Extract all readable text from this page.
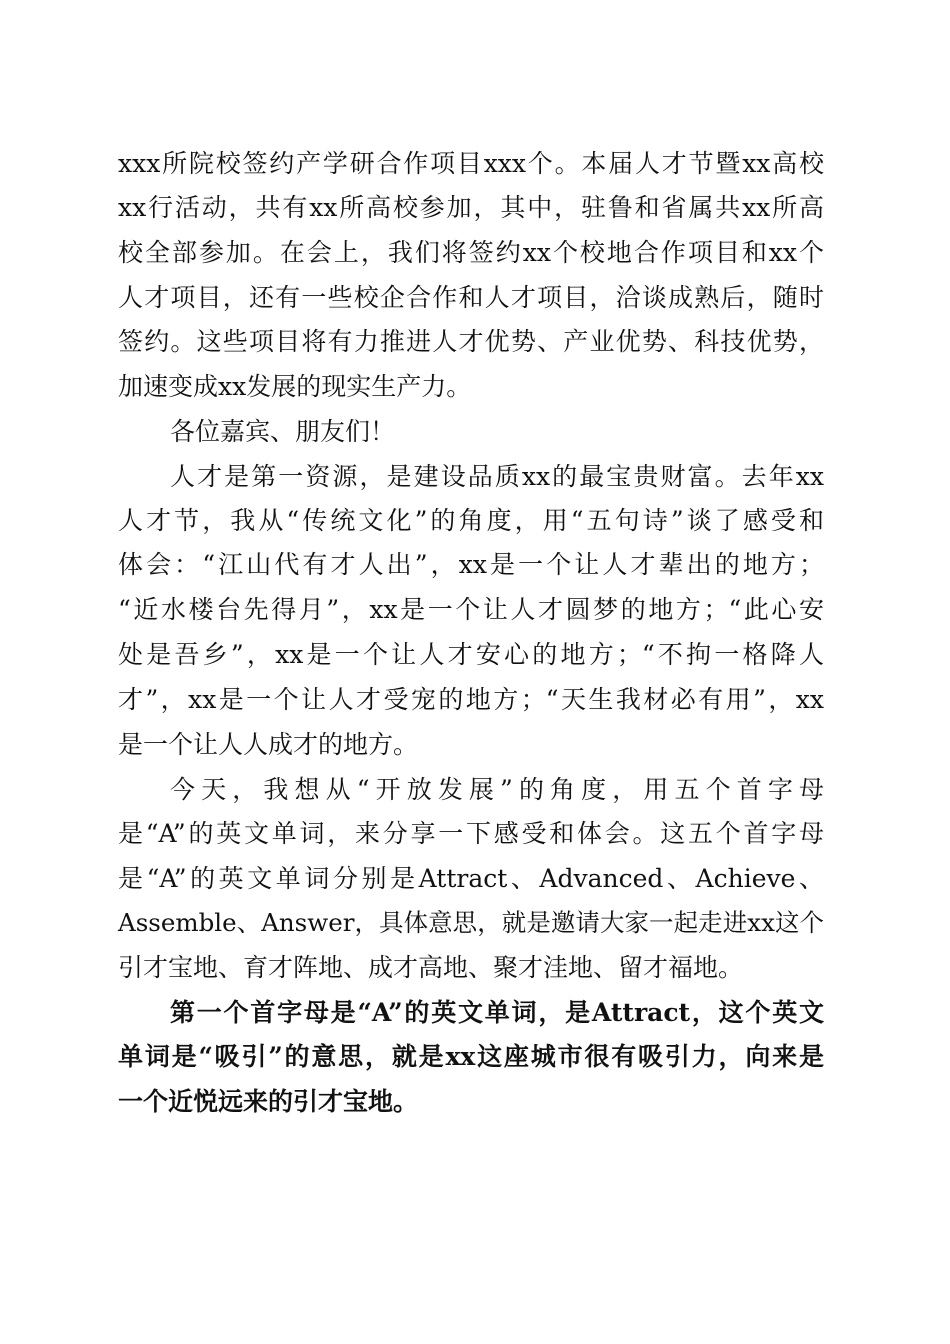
xxx所院校签约产学研合作项目xxx个。本届人才节暨xx高校
xx行活动，共有xx所高校参加，其中，驻鲁和省属共xx所高
校全部参加。在会上，我们将签约xx个校地合作项目和xx个
人才项目，还有一些校企合作和人才项目，洽谈成熟后，随时
签约。这些项目将有力推进人才优势、产业优势、科技优势，
加速变成xx发展的现实生产力。
各位嘉宾、朋友们！
人才是第一资源，是建设品质xx的最宝贵财富。去年xx
人才节，我从“传统文化”的角度，用“五句诗”谈了感受和
体会：“江山代有才人出”，xx是一个让人才辈出的地方；
“近水楼台先得月”，xx是一个让人才圆梦的地方；“此心安
处是吾乡”，xx是一个让人才安心的地方；“不拘一格降人
才”，xx是一个让人才受宠的地方；“天生我材必有用”，xx
是一个让人人成才的地方。
今天，我想从“开放发展”的角度，用五个首字母
是“A”的英文单词，来分享一下感受和体会。这五个首字母
是“A”的英文单词分别是Attract、Advanced、Achieve、
Assemble、Answer，具体意思，就是邀请大家一起走进xx这个
引才宝地、育才阵地、成才高地、聚才洼地、留才福地。
第一个首字母是“A”的英文单词，是Attract，这个英文
单词是“吸引”的意思，就是xx这座城市很有吸引力，向来是
一个近悦远来的引才宝地。
